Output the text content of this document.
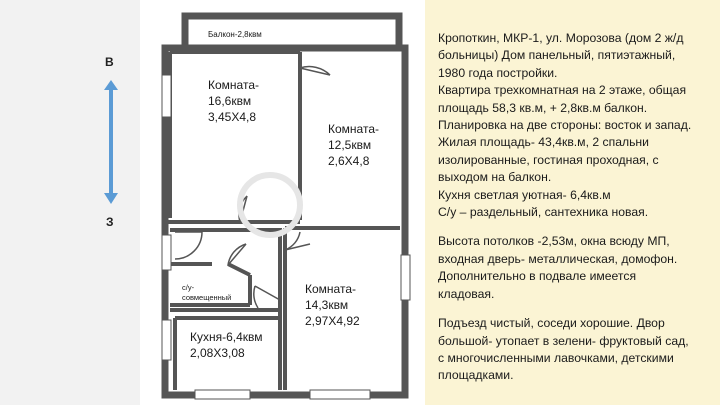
В
З
Балкон-2,8квм
Комната-
16,6квм
3,45X4,8
Комната-
12,5квм
2,6X4,8
с/у-
совмещенный
Комната-
14,3квм
2,97X4,92
Кухня-6,4квм
2,08X3,08

Кропоткин, МКР-1, ул. Морозова (дом 2 ж/д
больницы) Дом панельный, пятиэтажный,
1980 года постройки.
Квартира трехкомнатная на 2 этаже, общая
площадь 58,3 кв.м, + 2,8кв.м балкон.
Планировка на две стороны: восток и запад.
Жилая площадь- 43,4кв.м, 2 спальни
изолированные, гостиная проходная, с
выходом на балкон.
Кухня светлая уютная- 6,4кв.м
С/у – раздельный, сантехника новая.

Высота потолков -2,53м, окна всюду МП,
входная дверь- металлическая, домофон.
Дополнительно в подвале имеется
кладовая.

Подъезд чистый, соседи хорошие. Двор
большой- утопает в зелени- фруктовый сад,
с многочисленными лавочками, детскими
площадками.
